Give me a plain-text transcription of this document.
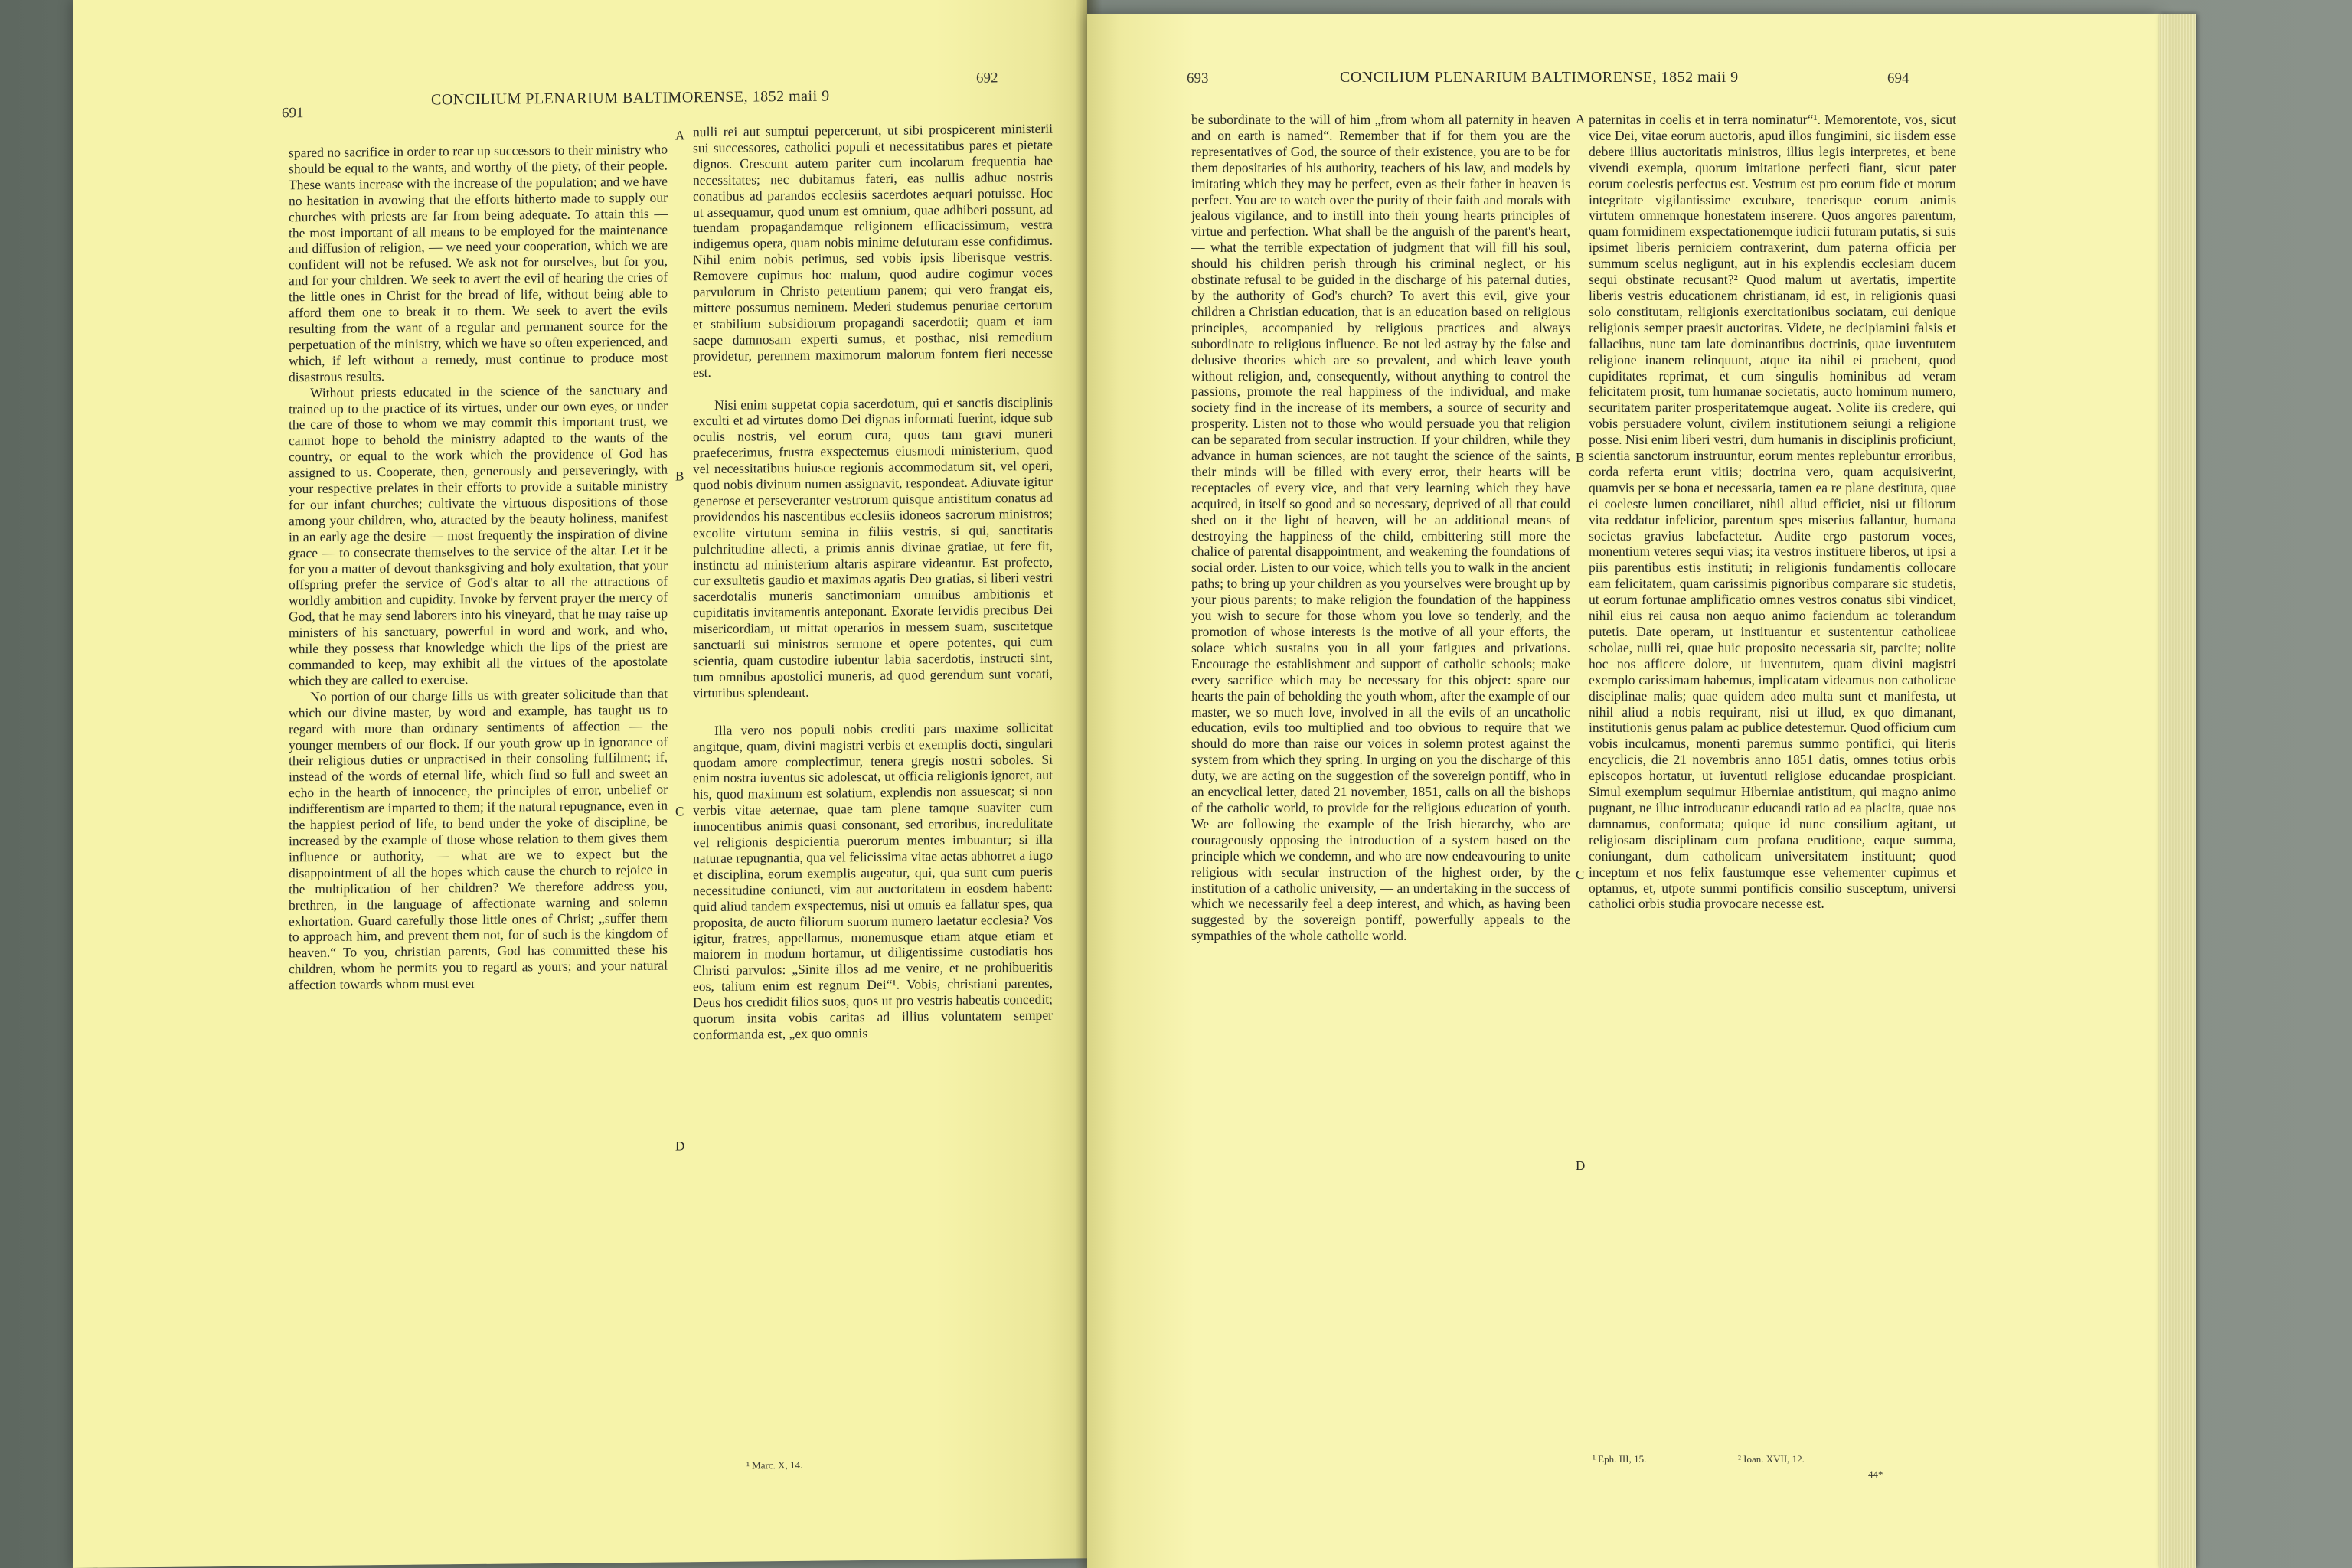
691
CONCILIUM PLENARIUM BALTIMORENSE, 1852 maii 9
692

spared no sacrifice in order to rear up successors to their ministry who should be equal to the wants, and worthy of the piety, of their people. These wants increase with the increase of the population; and we have no hesitation in avowing that the efforts hitherto made to supply our churches with priests are far from being adequate. To attain this — the most important of all means to be employed for the maintenance and diffusion of religion, — we need your cooperation, which we are confident will not be refused. We ask not for ourselves, but for you, and for your children. We seek to avert the evil of hearing the cries of the little ones in Christ for the bread of life, without being able to afford them one to break it to them. We seek to avert the evils resulting from the want of a regular and permanent source for the perpetuation of the ministry, which we have so often experienced, and which, if left without a remedy, must continue to produce most disastrous results.

Without priests educated in the science of the sanctuary and trained up to the practice of its virtues, under our own eyes, or under the care of those to whom we may commit this important trust, we cannot hope to behold the ministry adapted to the wants of the country, or equal to the work which the providence of God has assigned to us. Cooperate, then, generously and perseveringly, with your respective prelates in their efforts to provide a suitable ministry for our infant churches; cultivate the virtuous dispositions of those among your children, who, attracted by the beauty holiness, manifest in an early age the desire — most frequently the inspiration of divine grace — to consecrate themselves to the service of the altar. Let it be for you a matter of devout thanksgiving and holy exultation, that your offspring prefer the service of God's altar to all the attractions of worldly ambition and cupidity. Invoke by fervent prayer the mercy of God, that he may send laborers into his vineyard, that he may raise up ministers of his sanctuary, powerful in word and work, and who, while they possess that knowledge which the lips of the priest are commanded to keep, may exhibit all the virtues of the apostolate which they are called to exercise.

No portion of our charge fills us with greater solicitude than that which our divine master, by word and example, has taught us to regard with more than ordinary sentiments of affection — the younger members of our flock. If our youth grow up in ignorance of their religious duties or unpractised in their consoling fulfilment; if, instead of the words of eternal life, which find so full and sweet an echo in the hearth of innocence, the principles of error, unbelief or indifferentism are imparted to them; if the natural repugnance, even in the happiest period of life, to bend under the yoke of discipline, be increased by the example of those whose relation to them gives them influence or authority, — what are we to expect but the disappointment of all the hopes which cause the church to rejoice in the multiplication of her children? We therefore address you, brethren, in the language of affectionate warning and solemn exhortation. Guard carefully those little ones of Christ; „suffer them to approach him, and prevent them not, for of such is the kingdom of heaven.“ To you, christian parents, God has committed these his children, whom he permits you to regard as yours; and your natural affection towards whom must ever

A
B
C
D

nulli rei aut sumptui pepercerunt, ut sibi prospicerent ministerii sui successores, catholici populi et necessitatibus pares et pietate dignos. Crescunt autem pariter cum incolarum frequentia hae necessitates; nec dubitamus fateri, eas nullis adhuc nostris conatibus ad parandos ecclesiis sacerdotes aequari potuisse. Hoc ut assequamur, quod unum est omnium, quae adhiberi possunt, ad tuendam propagandamque religionem efficacissimum, vestra indigemus opera, quam nobis minime defuturam esse confidimus. Nihil enim nobis petimus, sed vobis ipsis liberisque vestris. Removere cupimus hoc malum, quod audire cogimur voces parvulorum in Christo petentium panem; qui vero frangat eis, mittere possumus neminem. Mederi studemus penuriae certorum et stabilium subsidiorum propagandi sacerdotii; quam et iam saepe damnosam experti sumus, et posthac, nisi remedium providetur, perennem maximorum malorum fontem fieri necesse est.

Nisi enim suppetat copia sacerdotum, qui et sanctis disciplinis exculti et ad virtutes domo Dei dignas informati fuerint, idque sub oculis nostris, vel eorum cura, quos tam gravi muneri praefecerimus, frustra exspectemus eiusmodi ministerium, quod vel necessitatibus huiusce regionis accommodatum sit, vel operi, quod nobis divinum numen assignavit, respondeat. Adiuvate igitur generose et perseveranter vestrorum quisque antistitum conatus ad providendos his nascentibus ecclesiis idoneos sacrorum ministros; excolite virtutum semina in filiis vestris, si qui, sanctitatis pulchritudine allecti, a primis annis divinae gratiae, ut fere fit, instinctu ad ministerium altaris aspirare videantur. Est profecto, cur exsultetis gaudio et maximas agatis Deo gratias, si liberi vestri sacerdotalis muneris sanctimoniam omnibus ambitionis et cupiditatis invitamentis anteponant. Exorate fervidis precibus Dei misericordiam, ut mittat operarios in messem suam, suscitetque sanctuarii sui ministros sermone et opere potentes, qui cum scientia, quam custodire iubentur labia sacerdotis, instructi sint, tum omnibus apostolici muneris, ad quod gerendum sunt vocati, virtutibus splendeant.

Illa vero nos populi nobis crediti pars maxime sollicitat angitque, quam, divini magistri verbis et exemplis docti, singulari quodam amore complectimur, tenera gregis nostri soboles. Si enim nostra iuventus sic adolescat, ut officia religionis ignoret, aut his, quod maximum est solatium, explendis non assuescat; si non verbis vitae aeternae, quae tam plene tamque suaviter cum innocentibus animis quasi consonant, sed erroribus, incredulitate vel religionis despicientia puerorum mentes imbuantur; si illa naturae repugnantia, qua vel felicissima vitae aetas abhorret a iugo et disciplina, eorum exemplis augeatur, qui, qua sunt cum pueris necessitudine coniuncti, vim aut auctoritatem in eosdem habent: quid aliud tandem exspectemus, nisi ut omnis ea fallatur spes, qua proposita, de aucto filiorum suorum numero laetatur ecclesia? Vos igitur, fratres, appellamus, monemusque etiam atque etiam et maiorem in modum hortamur, ut diligentissime custodiatis hos Christi parvulos: „Sinite illos ad me venire, et ne prohibueritis eos, talium enim est regnum Dei“¹. Vobis, christiani parentes, Deus hos credidit filios suos, quos ut pro vestris habeatis concedit; quorum insita vobis caritas ad illius voluntatem semper conformanda est, „ex quo omnis

¹ Marc. X, 14.
693	CONCILIUM PLENARIUM BALTIMORENSE, 1852 maii 9	694

be subordinate to the will of him „from whom all paternity in heaven and on earth is named“. Remember that if for them you are the representatives of God, the source of their existence, you are to be for them depositaries of his authority, teachers of his law, and models by imitating which they may be perfect, even as their father in heaven is perfect. You are to watch over the purity of their faith and morals with jealous vigilance, and to instill into their young hearts principles of virtue and perfection. What shall be the anguish of the parent's heart, — what the terrible expectation of judgment that will fill his soul, should his children perish through his criminal neglect, or his obstinate refusal to be guided in the discharge of his paternal duties, by the authority of God's church? To avert this evil, give your children a Christian education, that is an education based on religious principles, accompanied by religious practices and always subordinate to religious influence. Be not led astray by the false and delusive theories which are so prevalent, and which leave youth without religion, and, consequently, without anything to control the passions, promote the real happiness of the individual, and make society find in the increase of its members, a source of security and prosperity. Listen not to those who would persuade you that religion can be separated from secular instruction. If your children, while they advance in human sciences, are not taught the science of the saints, their minds will be filled with every error, their hearts will be receptacles of every vice, and that very learning which they have acquired, in itself so good and so necessary, deprived of all that could shed on it the light of heaven, will be an additional means of destroying the happiness of the child, embittering still more the chalice of parental disappointment, and weakening the foundations of social order. Listen to our voice, which tells you to walk in the ancient paths; to bring up your children as you yourselves were brought up by your pious parents; to make religion the foundation of the happiness you wish to secure for those whom you love so tenderly, and the promotion of whose interests is the motive of all your efforts, the solace which sustains you in all your fatigues and privations. Encourage the establishment and support of catholic schools; make every sacrifice which may be necessary for this object: spare our hearts the pain of beholding the youth whom, after the example of our master, we so much love, involved in all the evils of an uncatholic education, evils too multiplied and too obvious to require that we should do more than raise our voices in solemn protest against the system from which they spring. In urging on you the discharge of this duty, we are acting on the suggestion of the sovereign pontiff, who in an encyclical letter, dated 21 november, 1851, calls on all the bishops of the catholic world, to provide for the religious education of youth. We are following the example of the Irish hierarchy, who are courageously opposing the introduction of a system based on the principle which we condemn, and who are now endeavouring to unite religious with secular instruction of the highest order, by the institution of a catholic university, — an undertaking in the success of which we necessarily feel a deep interest, and which, as having been suggested by the sovereign pontiff, powerfully appeals to the sympathies of the whole catholic world.

A
B
C
D

paternitas in coelis et in terra nominatur“¹. Memorentote, vos, sicut vice Dei, vitae eorum auctoris, apud illos fungimini, sic iisdem esse debere illius auctoritatis ministros, illius legis interpretes, et bene vivendi exempla, quorum imitatione perfecti fiant, sicut pater eorum coelestis perfectus est. Vestrum est pro eorum fide et morum integritate vigilantissime excubare, tenerisque eorum animis virtutem omnemque honestatem inserere. Quos angores parentum, quam formidinem exspectationemque iudicii futuram putatis, si suis ipsimet liberis perniciem contraxerint, dum paterna officia per summum scelus negligunt, aut in his explendis ecclesiam ducem sequi obstinate recusant?² Quod malum ut avertatis, impertite liberis vestris educationem christianam, id est, in religionis quasi solo constitutam, religionis exercitationibus sociatam, cui denique religionis semper praesit auctoritas. Videte, ne decipiamini falsis et fallacibus, nunc tam late dominantibus doctrinis, quae iuventutem religione inanem relinquunt, atque ita nihil ei praebent, quod cupiditates reprimat, et cum singulis hominibus ad veram felicitatem prosit, tum humanae societatis, aucto hominum numero, securitatem pariter prosperitatemque augeat. Nolite iis credere, qui vobis persuadere volunt, civilem institutionem seiungi a religione posse. Nisi enim liberi vestri, dum humanis in disciplinis proficiunt, scientia sanctorum instruuntur, eorum mentes replebuntur erroribus, corda referta erunt vitiis; doctrina vero, quam acquisiverint, quamvis per se bona et necessaria, tamen ea re plane destituta, quae ei coeleste lumen conciliaret, nihil aliud efficiet, nisi ut filiorum vita reddatur infelicior, parentum spes miserius fallantur, humana societas gravius labefactetur. Audite ergo pastorum voces, monentium veteres sequi vias; ita vestros instituere liberos, ut ipsi a piis parentibus estis instituti; in religionis fundamentis collocare eam felicitatem, quam carissimis pignoribus comparare sic studetis, ut eorum fortunae amplificatio omnes vestros conatus sibi vindicet, nihil eius rei causa non aequo animo faciendum ac tolerandum putetis. Date operam, ut instituantur et sustententur catholicae scholae, nulli rei, quae huic proposito necessaria sit, parcite; nolite hoc nos afficere dolore, ut iuventutem, quam divini magistri exemplo carissimam habemus, implicatam videamus non catholicae disciplinae malis; quae quidem adeo multa sunt et manifesta, ut nihil aliud a nobis requirant, nisi ut illud, ex quo dimanant, institutionis genus palam ac publice detestemur. Quod officium cum vobis inculcamus, monenti paremus summo pontifici, qui literis encyclicis, die 21 novembris anno 1851 datis, omnes totius orbis episcopos hortatur, ut iuventuti religiose educandae prospiciant. Simul exemplum sequimur Hiberniae antistitum, qui magno animo pugnant, ne illuc introducatur educandi ratio ad ea placita, quae nos damnamus, conformata; quique id nunc consilium agitant, ut religiosam disciplinam cum profana eruditione, eaque summa, coniungant, dum catholicam universitatem instituunt; quod inceptum et nos felix faustumque esse vehementer cupimus et optamus, et, utpote summi pontificis consilio susceptum, universi catholici orbis studia provocare necesse est.

¹ Eph. III, 15.	² Ioan. XVII, 12.
44*
